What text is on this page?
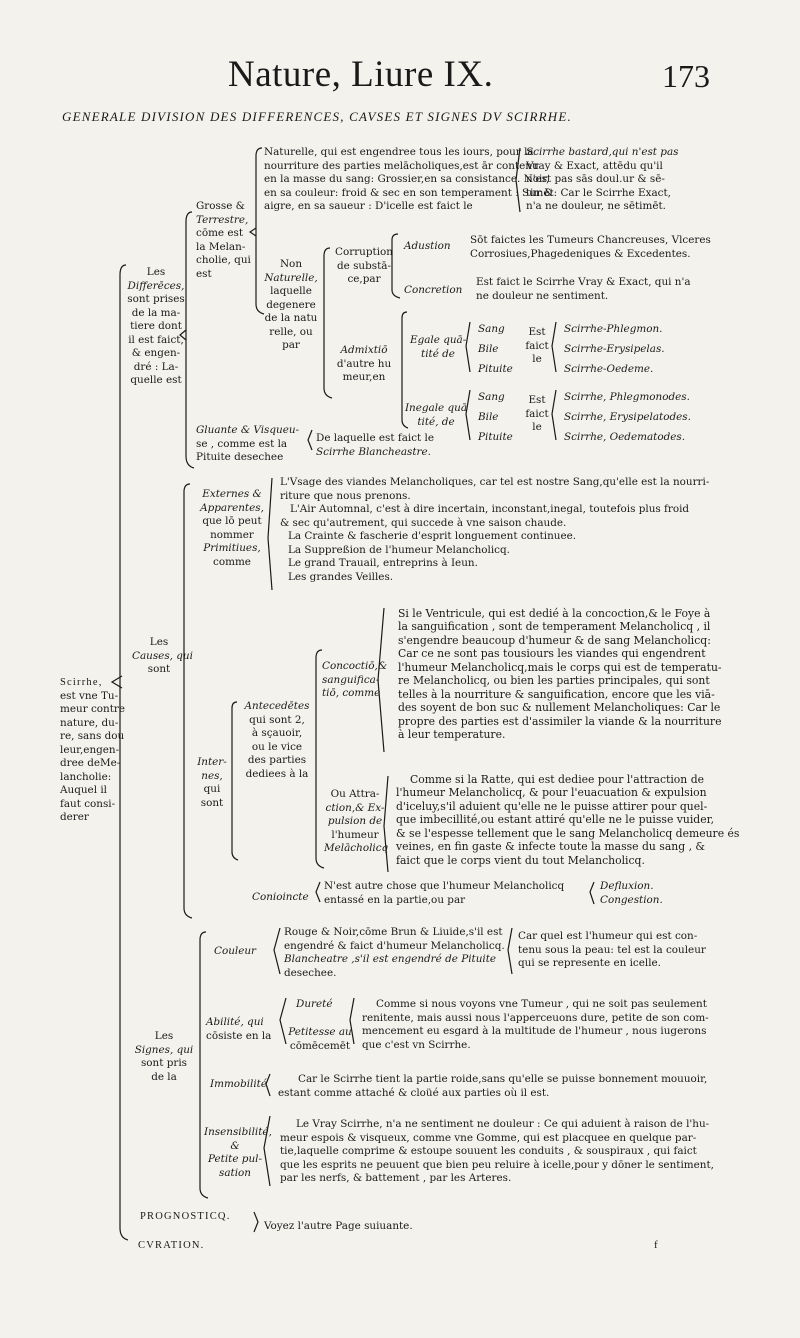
Nature, Liure IX.	173
GENERALE DIVISION DES DIFFERENCES, CAVSES ET SIGNES DV SCIRRHE.
Scirrhe,
est vne Tu-
meur contre
nature, du-
re, sans dou
leur,engen-
dree deMe-
lancholie:
Auquel il
faut consi-
derer
Les
Differēces,
sont prises
de la ma-
tiere dont
il est faict,
& engen-
dré : La-
quelle est
Grosse &
Terrestre,
cōme est
la Melan-
cholie, qui
est
Naturelle, qui est engendree tous les iours, pour la
nourriture des parties melācholiques,est ār contenu
en la masse du sang: Grossier,en sa consistance. Noir,
en sa couleur: froid & sec en son temperament : Sur &
aigre, en sa saueur : D'icelle est faict le
Scirrhe bastard,qui n'est pas
Vray & Exact, attēdu qu'il
n'est pas sās doul.ur & sē-
timēt: Car le Scirrhe Exact,
n'a ne douleur, ne sētimēt.
Non
Naturelle,
laquelle
degenere
de la natu
relle, ou
par
Corruption
de substā-
ce,par
Adustion Sōt faictes les Tumeurs Chancreuses, Vlceres
Corrosiues,Phagedeniques & Excedentes.
Concretion
Est faict le Scirrhe Vray & Exact, qui n'a
ne douleur ne sentiment.
Admixtiō
d'autre hu
meur,en
Egale quā-
tité de
Inegale quā
tité, de
Sang
Bile
Pituite
Sang
Bile
Pituite
Est
faict
le
Est
faict
le
Scirrhe-Phlegmon.
Scirrhe-Erysipelas.
Scirrhe-Oedeme.
Scirrhe, Phlegmonodes.
Scirrhe, Erysipelatodes.
Scirrhe, Oedematodes.
Gluante & Visqueu-
se , comme est la
Pituite desechee
De laquelle est faict le
Scirrhe Blancheastre.
Les
Causes, qui
sont
Externes &
Apparentes,
que lō peut
nommer
Primitiues,
comme
L'Vsage des viandes Melancholiques, car tel est nostre Sang,qu'elle est la nourri-
riture que nous prenons.
L'Air Automnal, c'est à dire incertain, inconstant,inegal, toutefois plus froid
& sec qu'autrement, qui succede à vne saison chaude.
La Crainte & fascherie d'esprit longuement continuee.
La Suppreßion de l'humeur Melancholicq.
Le grand Trauail, entreprins à Ieun.
Les grandes Veilles.
Inter-
nes,
qui
sont
Antecedētes
qui sont 2,
à sçauoir,
ou le vice
des parties
dediees à la
Concoctiō,&
sanguifica-
tiō, comme
Si le Ventricule, qui est dedié à la concoction,& le Foye à
la sanguification , sont de temperament Melancholicq , il
s'engendre beaucoup d'humeur & de sang Melancholicq:
Car ce ne sont pas tousiours les viandes qui engendrent
l'humeur Melancholicq,mais le corps qui est de temperatu-
re Melancholicq, ou bien les parties principales, qui sont
telles à la nourriture & sanguification, encore que les viā-
des soyent de bon suc & nullement Melancholiques: Car le
propre des parties est d'assimiler la viande & la nourriture
à leur temperature.
Ou Attra-
ction,& Ex-
pulsion de
l'humeur
Melācholicq
Comme si la Ratte, qui est dediee pour l'attraction de
l'humeur Melancholicq, & pour l'euacuation & expulsion
d'iceluy,s'il aduient qu'elle ne le puisse attirer pour quel-
que imbecillité,ou estant attiré qu'elle ne le puisse vuider,
& se l'espesse tellement que le sang Melancholicq demeure és
veines, en fin gaste & infecte toute la masse du sang , &
faict que le corps vient du tout Melancholicq.
Conioincte
N'est autre chose que l'humeur Melancholicq
entassé en la partie,ou par
Defluxion.
Congestion.
Les
Signes, qui
sont pris
de la
Couleur
Rouge & Noir,cōme Brun & Liuide,s'il est
engendré & faict d'humeur Melancholicq.
Blancheatre ,s'il est engendré de Pituite
desechee.
Car quel est l'humeur qui est con-
tenu sous la peau: tel est la couleur
qui se represente en icelle.
Abilité, qui
cōsiste en la
Dureté
Petitesse au
cōmēcemēt
Comme si nous voyons vne Tumeur , qui ne soit pas seulement
renitente, mais aussi nous l'apperceuons dure, petite de son com-
mencement eu esgard à la multitude de l'humeur , nous iugerons
que c'est vn Scirrhe.
Immobilité	Car le Scirrhe tient la partie roide,sans qu'elle se puisse bonnement mouuoir,
estant comme attaché & cloüé aux parties où il est.
Insensibilité,
&
Petite pul-
sation
Le Vray Scirrhe, n'a ne sentiment ne douleur : Ce qui aduient à raison de l'hu-
meur espois & visqueux, comme vne Gomme, qui est placquee en quelque par-
tie,laquelle comprime & estoupe souuent les conduits , & souspiraux , qui faict
que les esprits ne peuuent que bien peu reluire à icelle,pour y dōner le sentiment,
par les nerfs, & battement , par les Arteres.
PROGNOSTICQ.
CVRATION.
Voyez l'autre Page suiuante.
f
